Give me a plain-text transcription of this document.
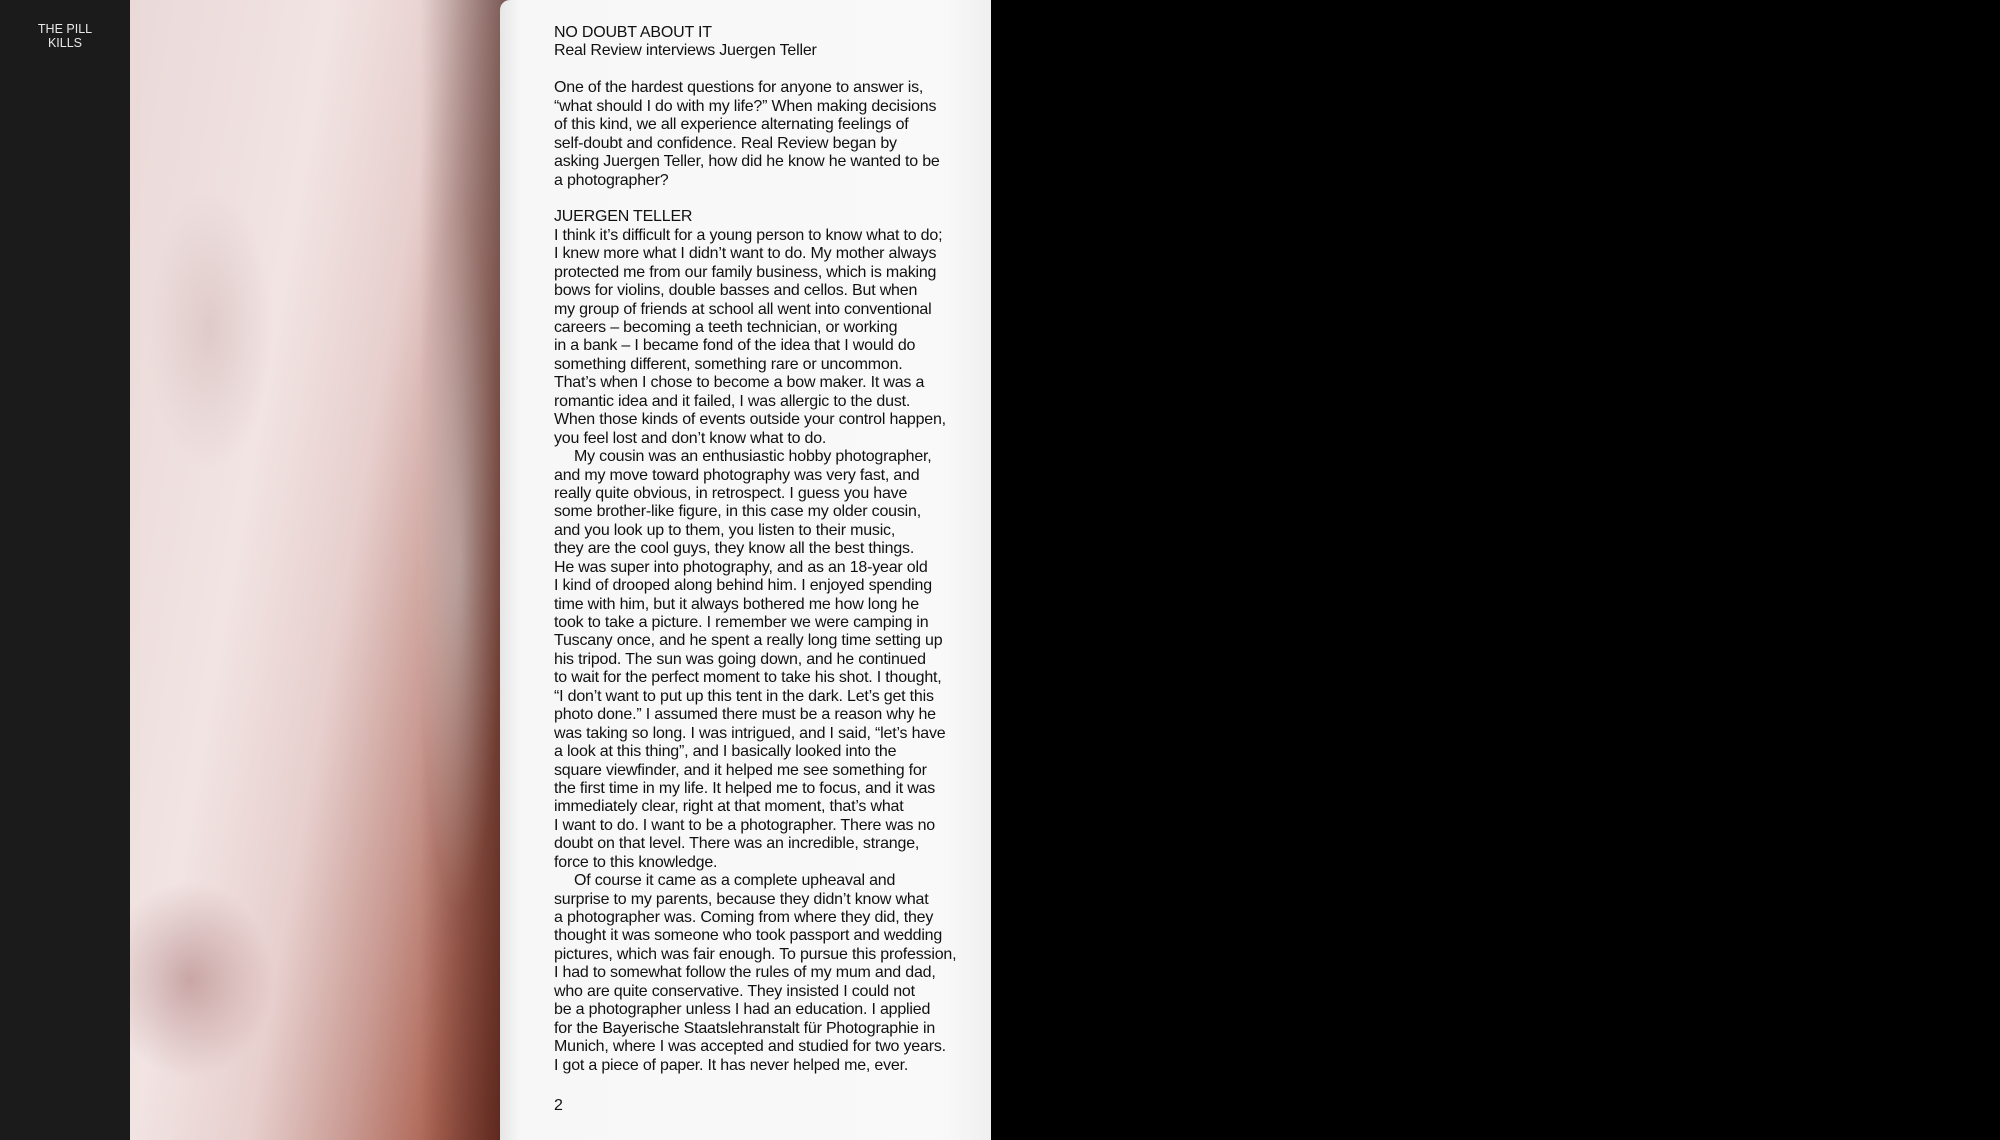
THE PILL
KILLS
NO DOUBT ABOUT IT
Real Review interviews Juergen Teller
One of the hardest questions for anyone to answer is,
“what should I do with my life?” When making decisions
of this kind, we all experience alternating feelings of
self-doubt and confidence. Real Review began by
asking Juergen Teller, how did he know he wanted to be
a photographer?
JUERGEN TELLER
I think it’s difficult for a young person to know what to do;
I knew more what I didn’t want to do. My mother always
protected me from our family business, which is making
bows for violins, double basses and cellos. But when
my group of friends at school all went into conventional
careers – becoming a teeth technician, or working
in a bank – I became fond of the idea that I would do
something different, something rare or uncommon.
That’s when I chose to become a bow maker. It was a
romantic idea and it failed, I was allergic to the dust.
When those kinds of events outside your control happen,
you feel lost and don’t know what to do.
My cousin was an enthusiastic hobby photographer,
and my move toward photography was very fast, and
really quite obvious, in retrospect. I guess you have
some brother-like figure, in this case my older cousin,
and you look up to them, you listen to their music,
they are the cool guys, they know all the best things.
He was super into photography, and as an 18-year old
I kind of drooped along behind him. I enjoyed spending
time with him, but it always bothered me how long he
took to take a picture. I remember we were camping in
Tuscany once, and he spent a really long time setting up
his tripod. The sun was going down, and he continued
to wait for the perfect moment to take his shot. I thought,
“I don’t want to put up this tent in the dark. Let’s get this
photo done.” I assumed there must be a reason why he
was taking so long. I was intrigued, and I said, “let’s have
a look at this thing”, and I basically looked into the
square viewfinder, and it helped me see something for
the first time in my life. It helped me to focus, and it was
immediately clear, right at that moment, that’s what
I want to do. I want to be a photographer. There was no
doubt on that level. There was an incredible, strange,
force to this knowledge.
Of course it came as a complete upheaval and
surprise to my parents, because they didn’t know what
a photographer was. Coming from where they did, they
thought it was someone who took passport and wedding
pictures, which was fair enough. To pursue this profession,
I had to somewhat follow the rules of my mum and dad,
who are quite conservative. They insisted I could not
be a photographer unless I had an education. I applied
for the Bayerische Staatslehranstalt für Photographie in
Munich, where I was accepted and studied for two years.
I got a piece of paper. It has never helped me, ever.
2
